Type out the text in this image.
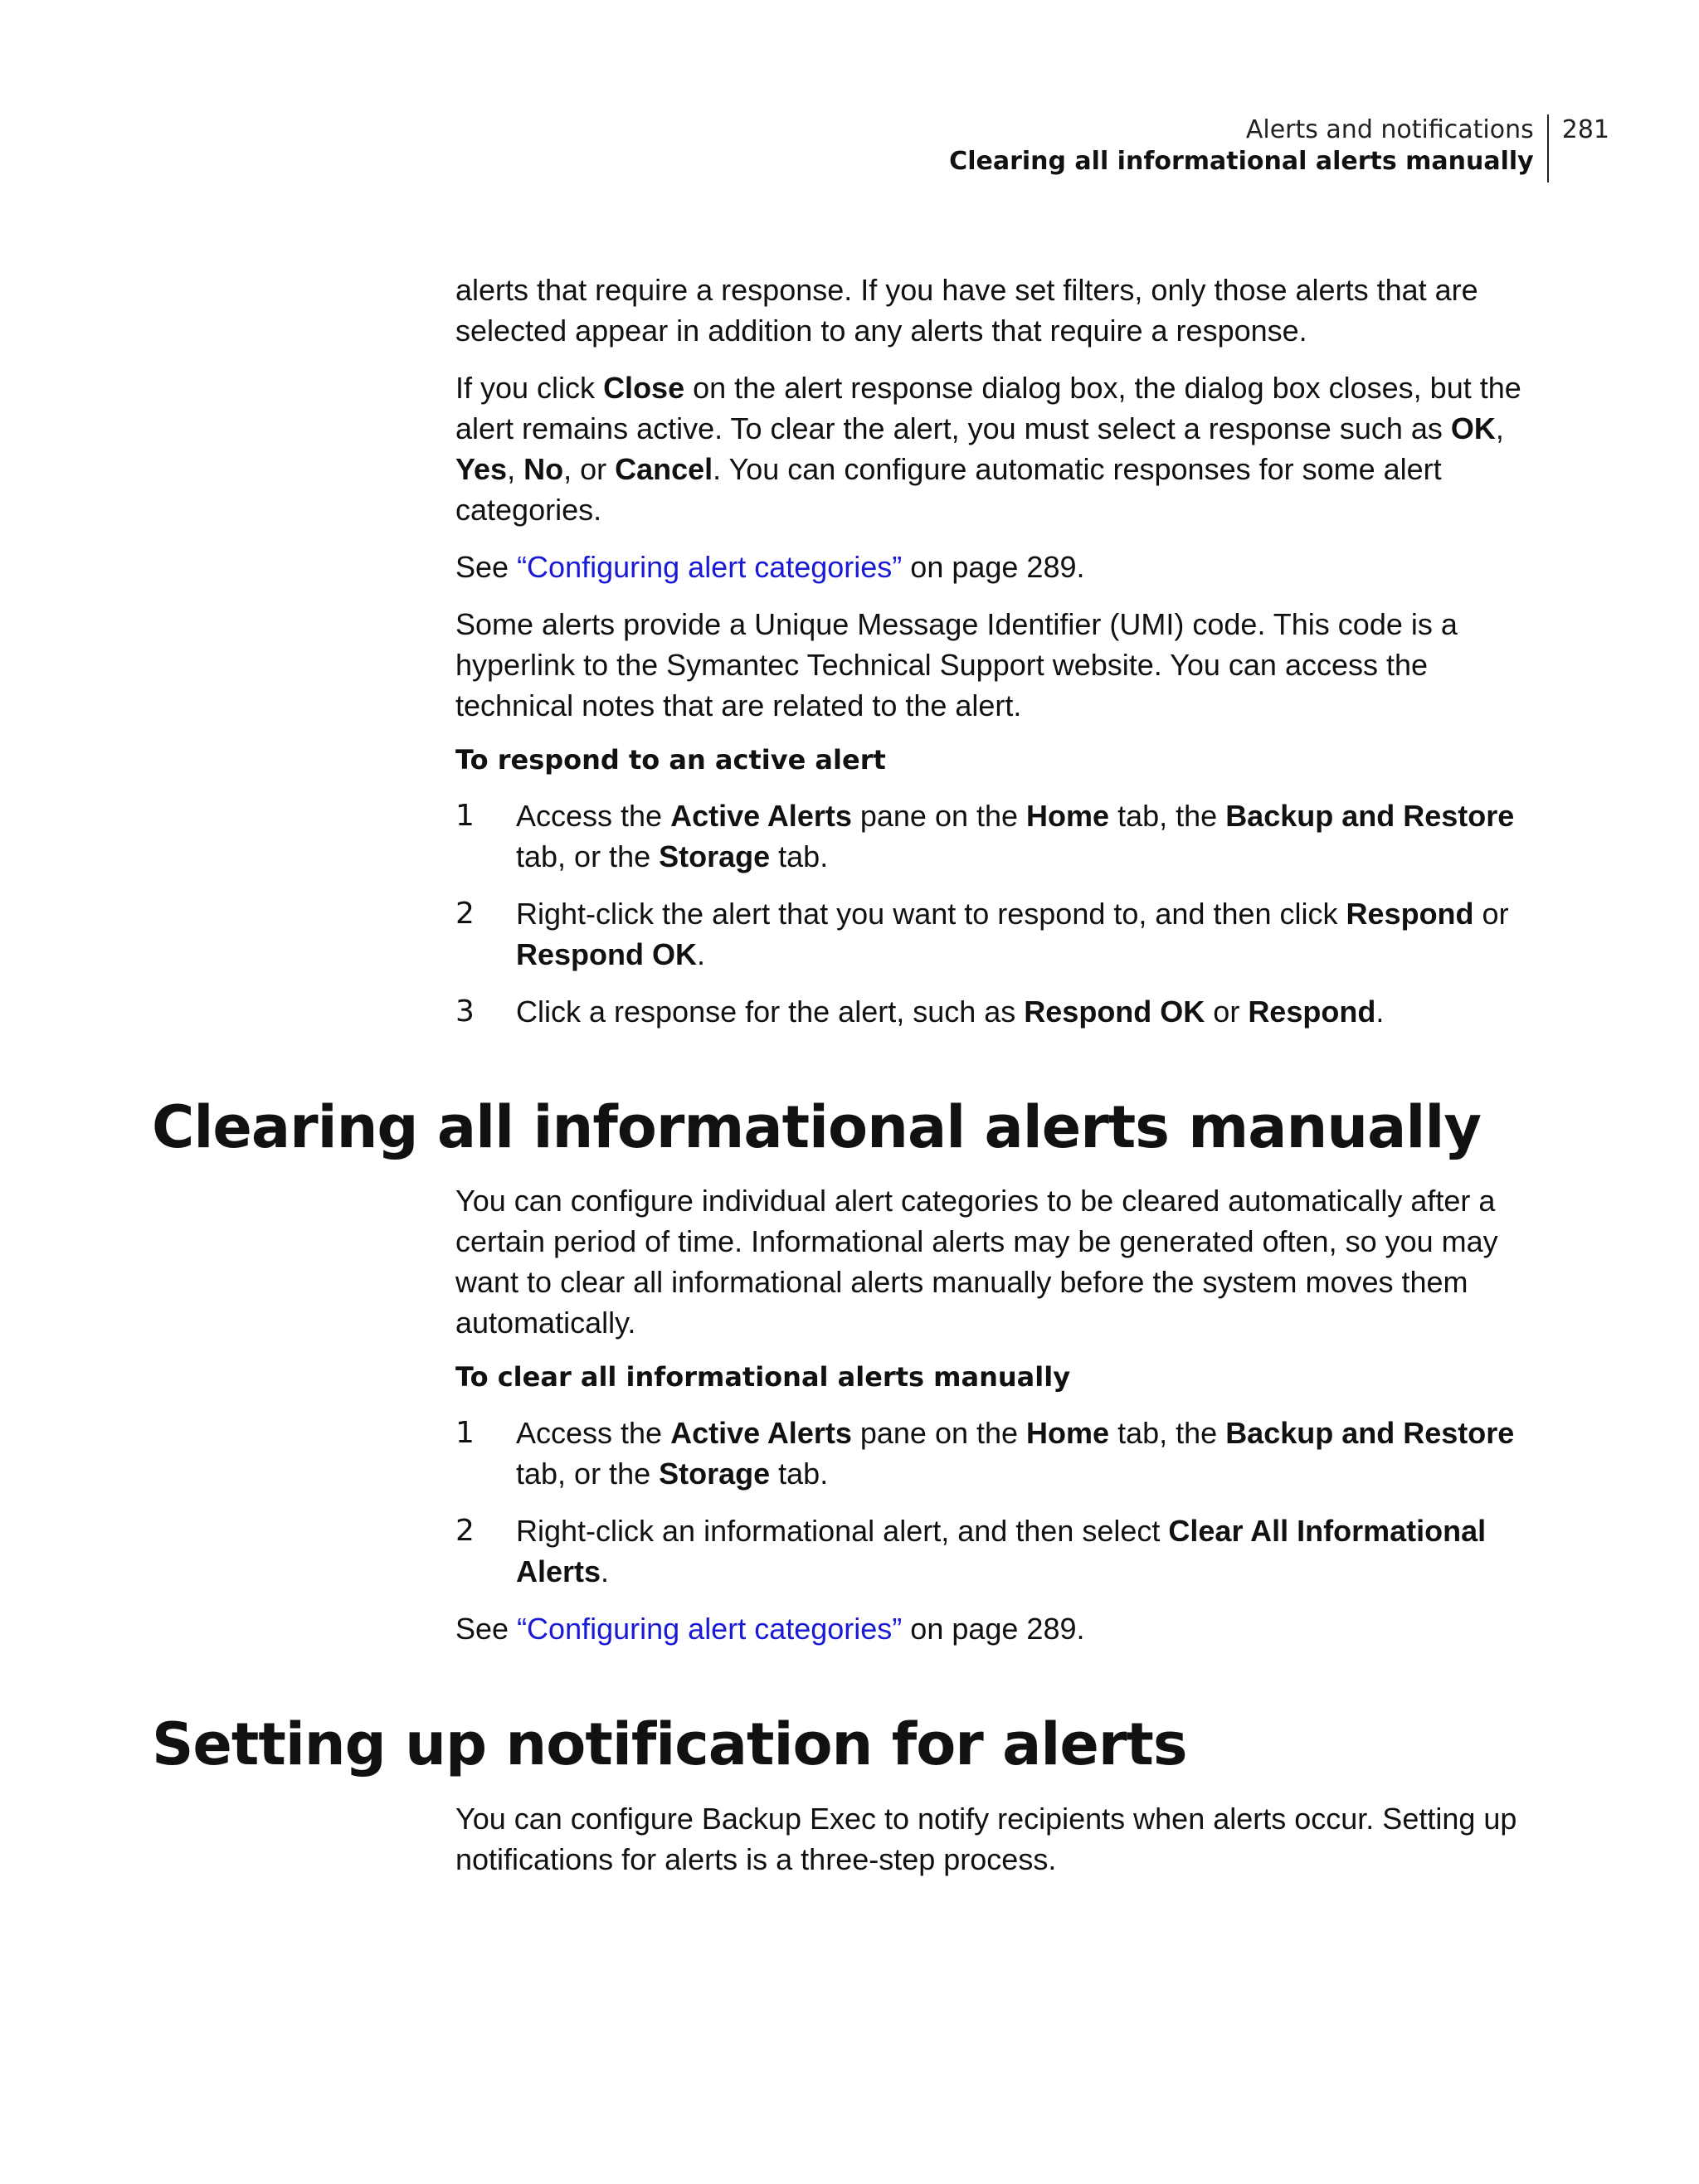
Alerts and notifications
Clearing all informational alerts manually
281

alerts that require a response. If you have set filters, only those alerts that are selected appear in addition to any alerts that require a response.

If you click Close on the alert response dialog box, the dialog box closes, but the alert remains active. To clear the alert, you must select a response such as OK, Yes, No, or Cancel. You can configure automatic responses for some alert categories.

See “Configuring alert categories” on page 289.

Some alerts provide a Unique Message Identifier (UMI) code. This code is a hyperlink to the Symantec Technical Support website. You can access the technical notes that are related to the alert.

To respond to an active alert
1	Access the Active Alerts pane on the Home tab, the Backup and Restore tab, or the Storage tab.
2	Right-click the alert that you want to respond to, and then click Respond or Respond OK.
3	Click a response for the alert, such as Respond OK or Respond.
Clearing all informational alerts manually

You can configure individual alert categories to be cleared automatically after a certain period of time. Informational alerts may be generated often, so you may want to clear all informational alerts manually before the system moves them automatically.

To clear all informational alerts manually
1	Access the Active Alerts pane on the Home tab, the Backup and Restore tab, or the Storage tab.
2	Right-click an informational alert, and then select Clear All Informational Alerts.

See “Configuring alert categories” on page 289.

Setting up notification for alerts

You can configure Backup Exec to notify recipients when alerts occur. Setting up notifications for alerts is a three-step process.
